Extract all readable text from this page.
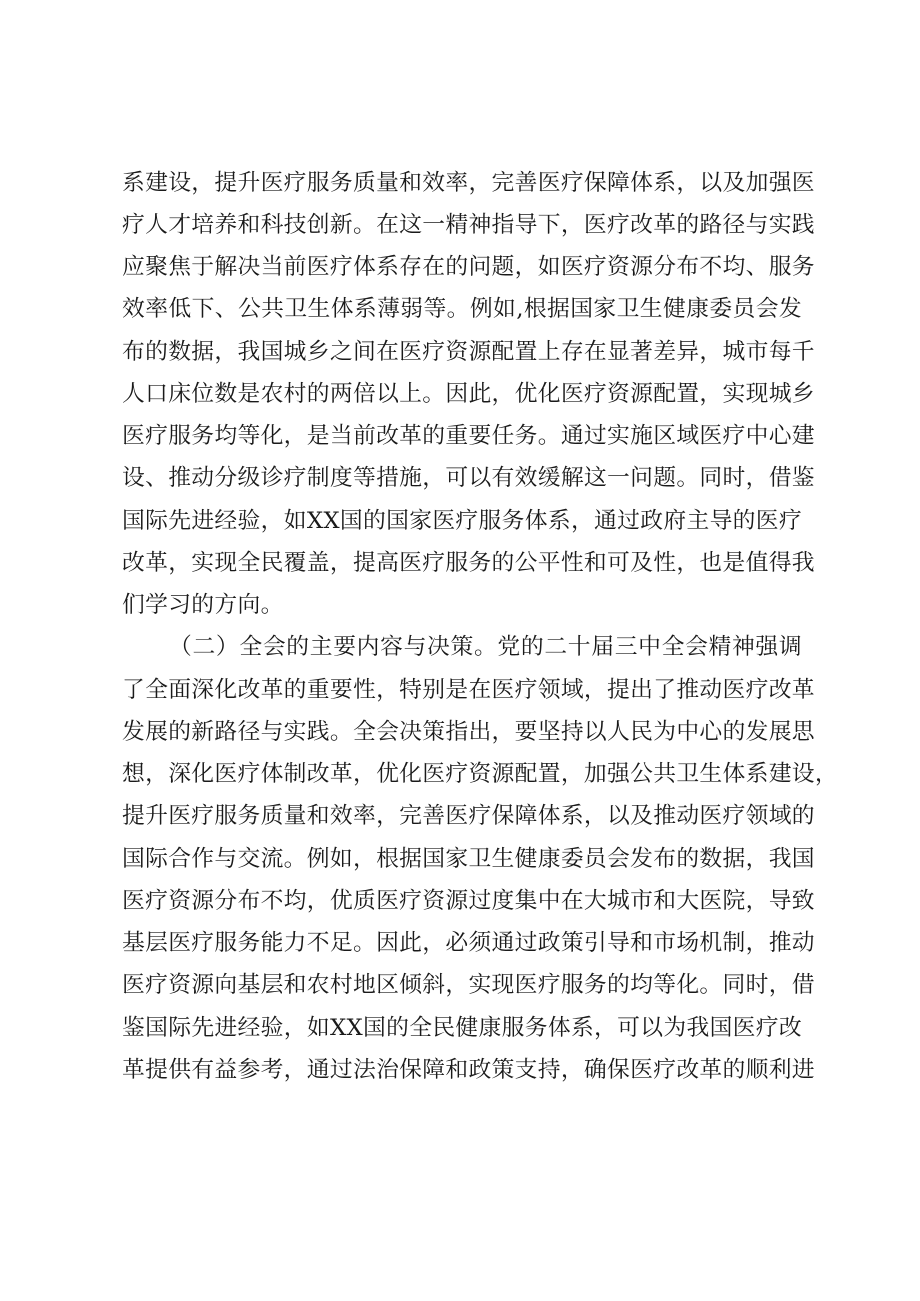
系建设，提升医疗服务质量和效率，完善医疗保障体系，以及加强医
疗人才培养和科技创新。在这一精神指导下，医疗改革的路径与实践
应聚焦于解决当前医疗体系存在的问题，如医疗资源分布不均、服务
效率低下、公共卫生体系薄弱等。例如,根据国家卫生健康委员会发
布的数据，我国城乡之间在医疗资源配置上存在显著差异，城市每千
人口床位数是农村的两倍以上。因此，优化医疗资源配置，实现城乡
医疗服务均等化，是当前改革的重要任务。通过实施区域医疗中心建
设、推动分级诊疗制度等措施，可以有效缓解这一问题。同时，借鉴
国际先进经验，如XX国的国家医疗服务体系，通过政府主导的医疗
改革，实现全民覆盖，提高医疗服务的公平性和可及性，也是值得我
们学习的方向。
（二）全会的主要内容与决策。党的二十届三中全会精神强调
了全面深化改革的重要性，特别是在医疗领域，提出了推动医疗改革
发展的新路径与实践。全会决策指出，要坚持以人民为中心的发展思
想，深化医疗体制改革，优化医疗资源配置，加强公共卫生体系建设，
提升医疗服务质量和效率，完善医疗保障体系，以及推动医疗领域的
国际合作与交流。例如，根据国家卫生健康委员会发布的数据，我国
医疗资源分布不均，优质医疗资源过度集中在大城市和大医院，导致
基层医疗服务能力不足。因此，必须通过政策引导和市场机制，推动
医疗资源向基层和农村地区倾斜，实现医疗服务的均等化。同时，借
鉴国际先进经验，如XX国的全民健康服务体系，可以为我国医疗改
革提供有益参考，通过法治保障和政策支持，确保医疗改革的顺利进
